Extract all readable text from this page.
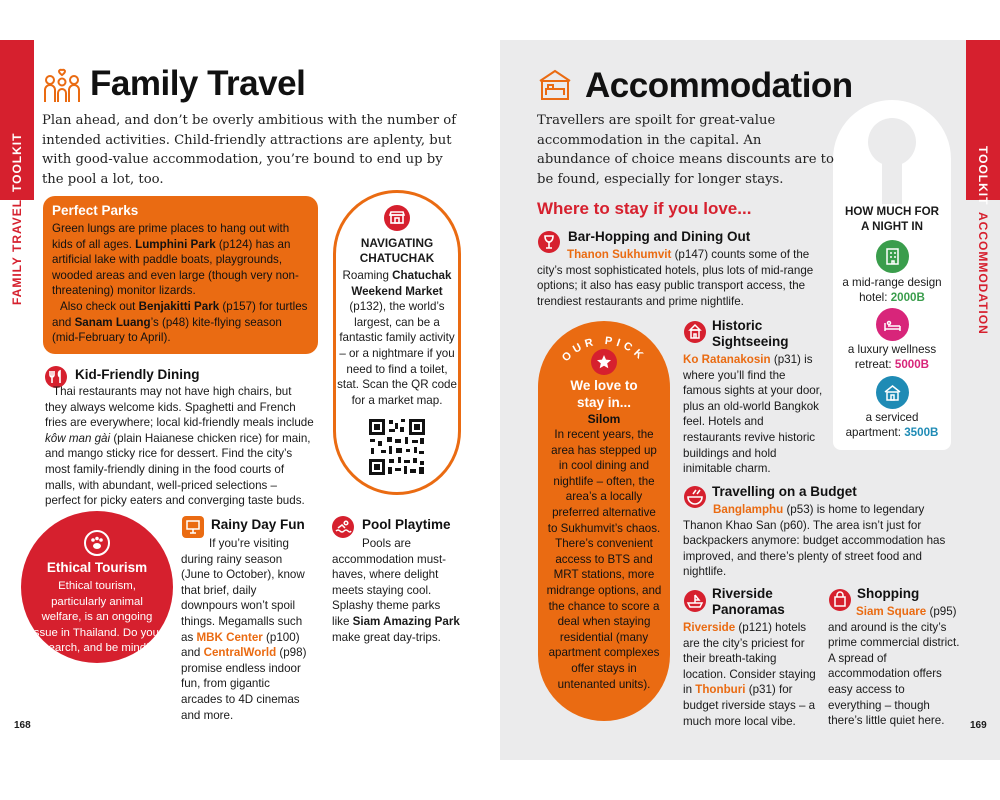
TOOLKIT
FAMILY TRAVEL
TOOLKIT
ACCOMMODATION
Family Travel
Plan ahead, and don’t be overly ambitious with the number of intended activities. Child-friendly attractions are aplenty, but with good-value accommodation, you’re bound to end up by the pool a lot, too.
Perfect Parks
Green lungs are prime places to hang out with kids of all ages. Lumphini Park (p124) has an artificial lake with paddle boats, playgrounds, wooded areas and even large (though very non-threatening) monitor lizards.
Also check out Benjakitti Park (p157) for turtles and Sanam Luang’s (p48) kite-flying season (mid-February to April).
NAVIGATING CHATUCHAK
Roaming Chatuchak Weekend Market (p132), the world’s largest, can be a fantastic family activity – or a nightmare if you need to find a toilet, stat. Scan the QR code for a market map.
Kid-Friendly Dining
Thai restaurants may not have high chairs, but they always welcome kids. Spaghetti and French fries are everywhere; local kid-friendly meals include kôw man gài (plain Haianese chicken rice) for main, and mango sticky rice for dessert. Find the city’s most family-friendly dining in the food courts of malls, with abundant, well-priced selections – perfect for picky eaters and converging taste buds.
Ethical Tourism
Ethical tourism, particularly animal welfare, is an ongoing issue in Thailand. Do your research, and be mindful.
Rainy Day Fun
If you’re visiting during rainy season (June to October), know that brief, daily downpours won’t spoil things. Megamalls such as MBK Center (p100) and CentralWorld (p98) promise endless indoor fun, from gigantic arcades to 4D cinemas and more.
Pool Playtime
Pools are accommodation must-haves, where delight meets staying cool. Splashy theme parks like Siam Amazing Park make great day-trips.
168
Accommodation
Travellers are spoilt for great-value accommodation in the capital. An abundance of choice means discounts are to be found, especially for longer stays.
Where to stay if you love...
Bar-Hopping and Dining Out
Thanon Sukhumvit (p147) counts some of the city’s most sophisticated hotels, plus lots of mid-range options; it also has easy public transport access, the trendiest restaurants and prime nightlife.
OUR PICK
We love to stay in...
Silom
In recent years, the area has stepped up in cool dining and nightlife – often, the area’s a locally preferred alternative to Sukhumvit’s chaos. There’s convenient access to BTS and MRT stations, more midrange options, and the chance to score a deal when staying residential (many apartment complexes offer stays in untenanted units).
Historic Sightseeing
Ko Ratanakosin (p31) is where you’ll find the famous sights at your door, plus an old-world Bangkok feel. Hotels and restaurants revive historic buildings and hold inimitable charm.
Travelling on a Budget
Banglamphu (p53) is home to legendary Thanon Khao San (p60). The area isn’t just for backpackers anymore: budget accommodation has improved, and there’s plenty of street food and nightlife.
Riverside Panoramas
Riverside (p121) hotels are the city’s priciest for their breath-taking location. Consider staying in Thonburi (p31) for budget riverside stays – a much more local vibe.
Shopping
Siam Square (p95) and around is the city’s prime commercial district. A spread of accommodation offers easy access to everything – though there’s little quiet here.
HOW MUCH FOR A NIGHT IN
a mid-range design hotel: 2000B
a luxury wellness retreat: 5000B
a serviced apartment: 3500B
169
